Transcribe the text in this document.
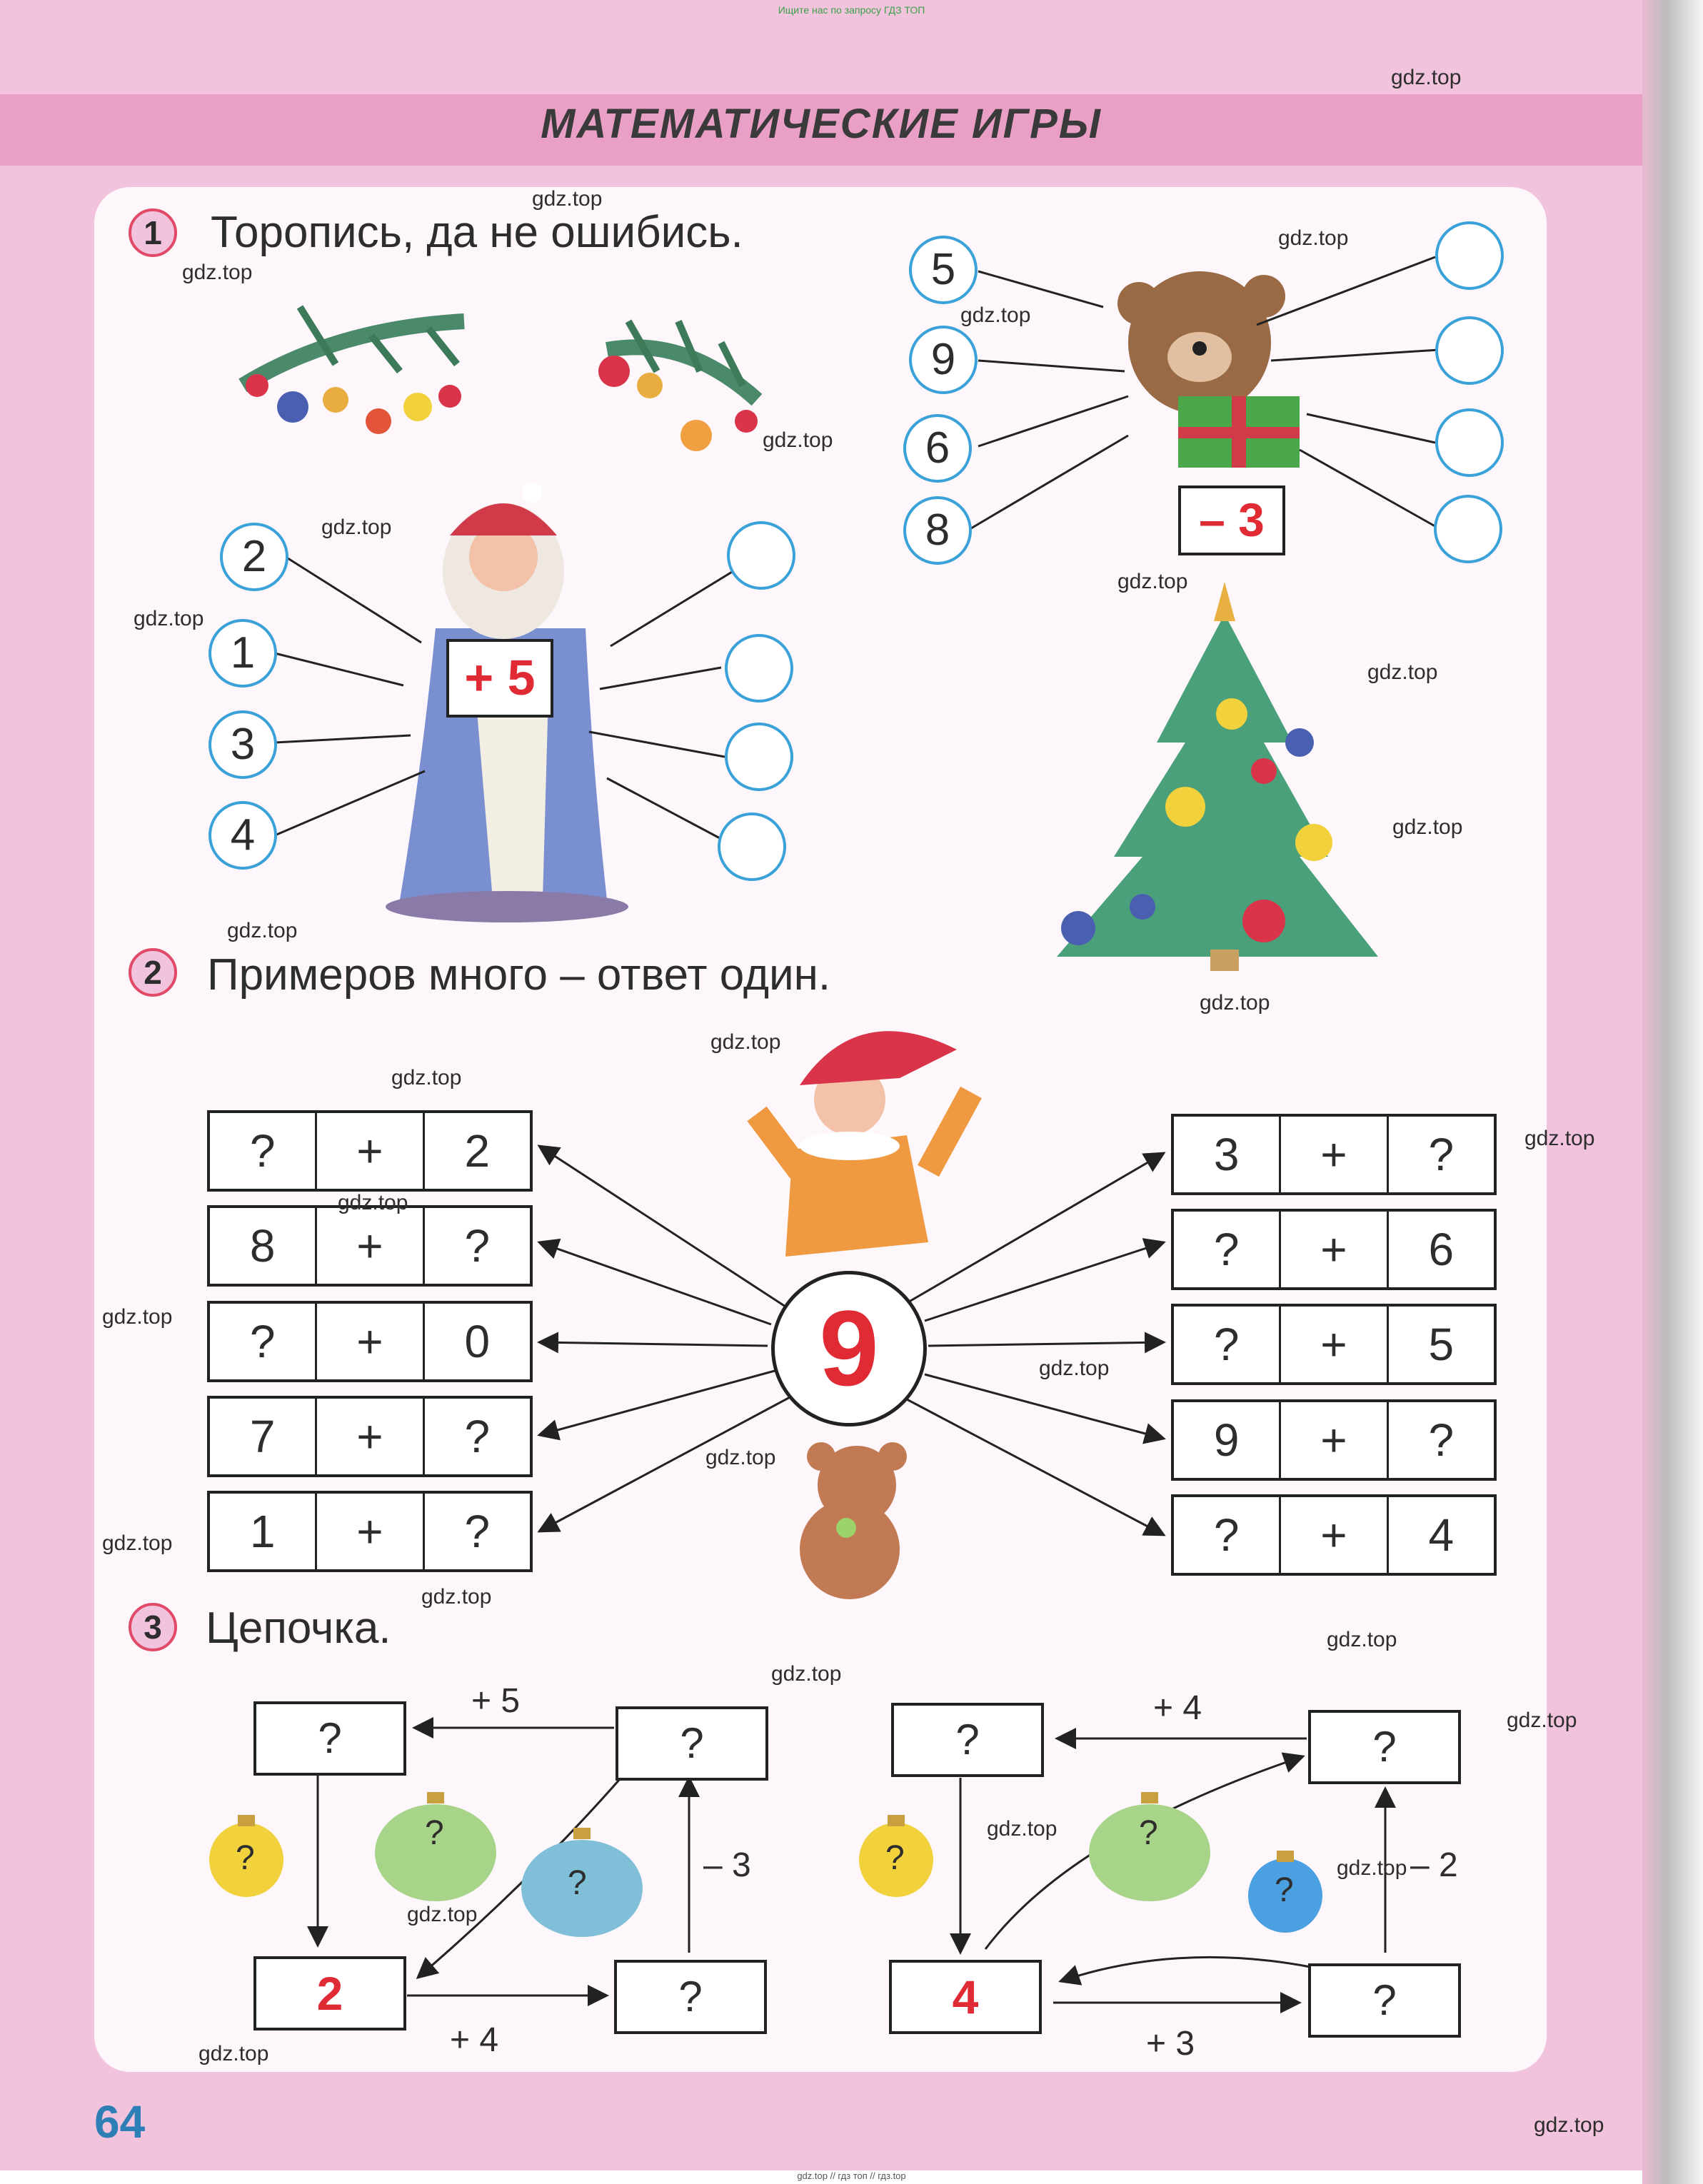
Ищите нас по запросу ГДЗ ТОП
МАТЕМАТИЧЕСКИЕ ИГРЫ
1	Торопись, да не ошибись.
2
1
3
4
+ 5
5
9
6
8	– 3
2	Примеров много – ответ один.
9
?	+	2
8	+	?
?	+	0
7	+	?
1	+	?
3	+	?
?	+	6
?	+	5
9	+	?
?	+	4
3 Цепочка.
?	?
2	?
+ 4
– 3
+ 5
?
?
?
?	?
4	?
+ 3
– 2
+ 4
?
?
?
64
gdz.top
gdz.top
gdz.top
gdz.top
gdz.top
gdz.top
gdz.top
gdz.top
gdz.top
gdz.top
gdz.top
gdz.top
gdz.top
gdz.top
gdz.top
gdz.top
gdz.top
gdz.top
gdz.top
gdz.top
gdz.top
gdz.top
gdz.top
gdz.top
gdz.top
gdz.top
gdz.top
gdz.top
gdz.top
gdz.top
gdz.top // гдз топ // гдз.top
